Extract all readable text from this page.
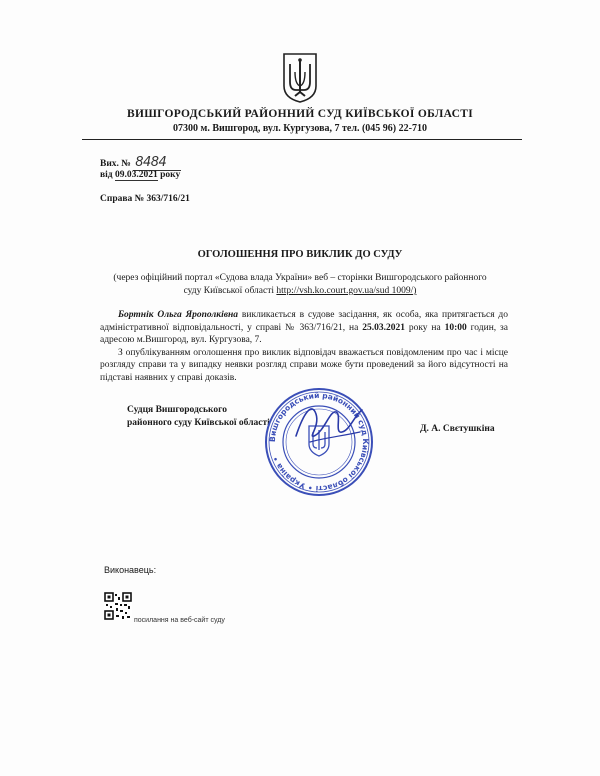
ВИШГОРОДСЬКИЙ РАЙОННИЙ СУД КИЇВСЬКОЇ ОБЛАСТІ
07300 м. Вишгород, вул. Кургузова, 7 тел. (045 96) 22-710
Вих. № 8484
від 09.03.2021 року
Справа № 363/716/21
ОГОЛОШЕННЯ ПРО ВИКЛИК ДО СУДУ
(через офіційний портал «Судова влада України» веб – сторінки Вишгородського районного
суду Київської області http://vsh.ko.court.gov.ua/sud 1009/)

Бортнік Ольга Ярополківна викликається в судове засідання, як особа, яка притягається до адміністративної відповідальності, у справі № 363/716/21, на 25.03.2021 року на 10:00 годин, за адресою м.Вишгород, вул. Кургузова, 7.

З опублікуванням оголошення про виклик відповідач вважається повідомленим про час і місце розгляду справи та у випадку неявки розгляд справи може бути проведений за його відсутності на підставі наявних у справі доказів.

Судця Вишгородського
районного суду Київської області
Вишгородський районний суд Київської області • Україна •
Д. А. Свєтушкіна
Виконавець:
посилання на веб-сайт суду
